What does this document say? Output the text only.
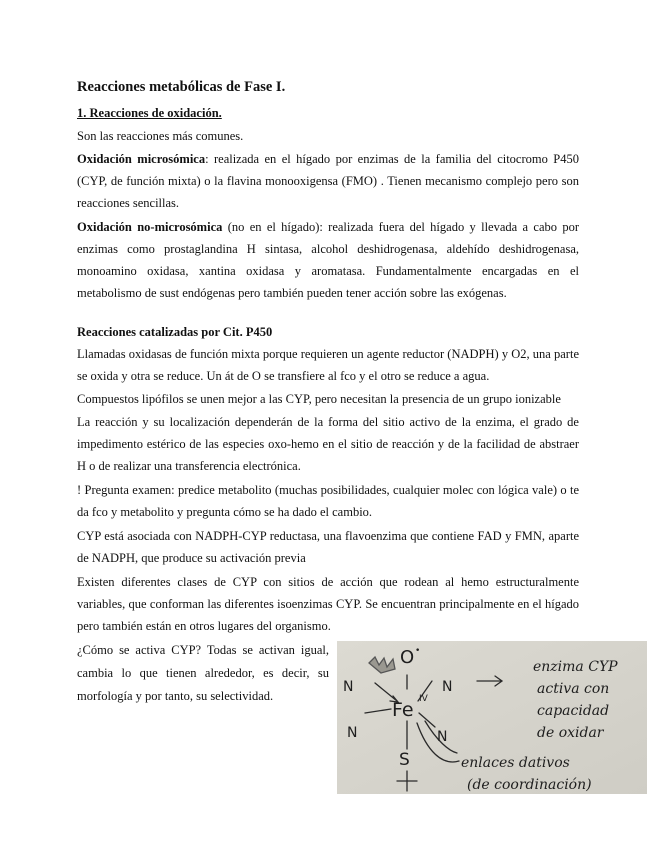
Reacciones metabólicas de Fase I.

1. Reacciones de oxidación.

Son las reacciones más comunes.

Oxidación microsómica: realizada en el hígado por enzimas de la familia del citocromo P450 (CYP, de función mixta) o la flavina monooxigensa (FMO) . Tienen mecanismo complejo pero son reacciones sencillas.

Oxidación no-microsómica (no en el hígado): realizada fuera del hígado y llevada a cabo por enzimas como prostaglandina H sintasa, alcohol deshidrogenasa, aldehído deshidrogenasa, monoamino oxidasa, xantina oxidasa y aromatasa. Fundamentalmente encargadas en el metabolismo de sust endógenas pero también pueden tener acción sobre las exógenas.

Reacciones catalizadas por Cit. P450

Llamadas oxidasas de función mixta porque requieren un agente reductor (NADPH) y O2, una parte se oxida y otra se reduce. Un át de O se transfiere al fco y el otro se reduce a agua.

Compuestos lipófilos se unen mejor a las CYP, pero necesitan la presencia de un grupo ionizable

La reacción y su localización dependerán de la forma del sitio activo de la enzima, el grado de impedimento estérico de las especies oxo-hemo en el sitio de reacción y de la facilidad de abstraer H o de realizar una transferencia electrónica.

! Pregunta examen: predice metabolito (muchas posibilidades, cualquier molec con lógica vale) o te da fco y metabolito y pregunta cómo se ha dado el cambio.

CYP está asociada con NADPH-CYP reductasa, una flavoenzima que contiene FAD y FMN, aparte de NADPH, que produce su activación previa

Existen diferentes clases de CYP con sitios de acción que rodean al hemo estructuralmente variables, que conforman las diferentes isoenzimas CYP. Se encuentran principalmente en el hígado pero también están en otros lugares del organismo.

¿Cómo se activa CYP? Todas se activan igual, cambia lo que tienen alrededor, es decir, su morfología y por tanto, su selectividad.

O •
Fe IV
N	N
N	N
S
enzima CYP
activa con
capacidad
de oxidar
enlaces dativos
(de coordinación)
